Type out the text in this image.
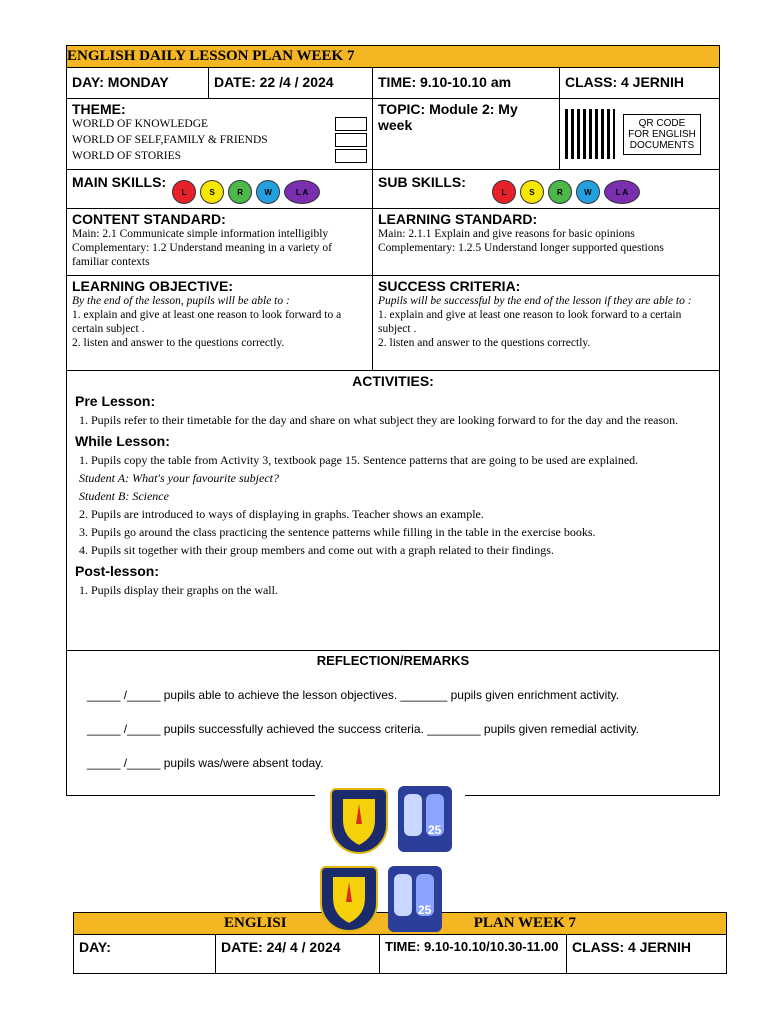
ENGLISH DAILY LESSON PLAN WEEK 7
DAY: MONDAY	DATE: 22 /4 / 2024	TIME: 9.10-10.10 am	CLASS: 4 JERNIH
THEME:
WORLD OF KNOWLEDGE
WORLD OF SELF,FAMILY & FRIENDS
WORLD OF STORIES
TOPIC: Module 2: My week	QR CODE FOR ENGLISH DOCUMENTS
MAIN SKILLS:
L	S	R	W	L A
SUB SKILLS:
L	S	R	W	L A
CONTENT STANDARD:
Main: 2.1 Communicate simple information intelligibly
Complementary: 1.2 Understand meaning in a variety of familiar contexts
LEARNING STANDARD:
Main: 2.1.1 Explain and give reasons for basic opinions
Complementary: 1.2.5 Understand longer supported questions
LEARNING OBJECTIVE:
By the end of the lesson, pupils will be able to :
1. explain and give at least one reason to look forward to a certain subject .
2. listen and answer to the questions correctly.
SUCCESS CRITERIA:
Pupils will be successful by the end of the lesson if they are able to :
1. explain and give at least one reason to look forward to a certain subject .
2. listen and answer to the questions correctly.
ACTIVITIES:
Pre Lesson:
1. Pupils refer to their timetable for the day and share on what subject they are looking forward to for the day and the reason.
While Lesson:
1. Pupils copy the table from Activity 3, textbook page 15. Sentence patterns that are going to be used are explained.
Student A: What's your favourite subject?
Student B: Science
2. Pupils are introduced to ways of displaying in graphs. Teacher shows an example.
3. Pupils go around the class practicing the sentence patterns while filling in the table in the exercise books.
4. Pupils sit together with their group members and come out with a graph related to their findings.
Post-lesson:
1. Pupils display their graphs on the wall.
REFLECTION/REMARKS
_____ /_____ pupils able to achieve the lesson objectives. _______ pupils given enrichment activity.
_____ /_____ pupils successfully achieved the success criteria. ________ pupils given remedial activity.
_____ /_____ pupils was/were absent today.
25
ENGLISI	PLAN WEEK 7
DAY:	DATE: 24/ 4 / 2024	TIME: 9.10-10.10/10.30-11.00 CLASS: 4 JERNIH
25
